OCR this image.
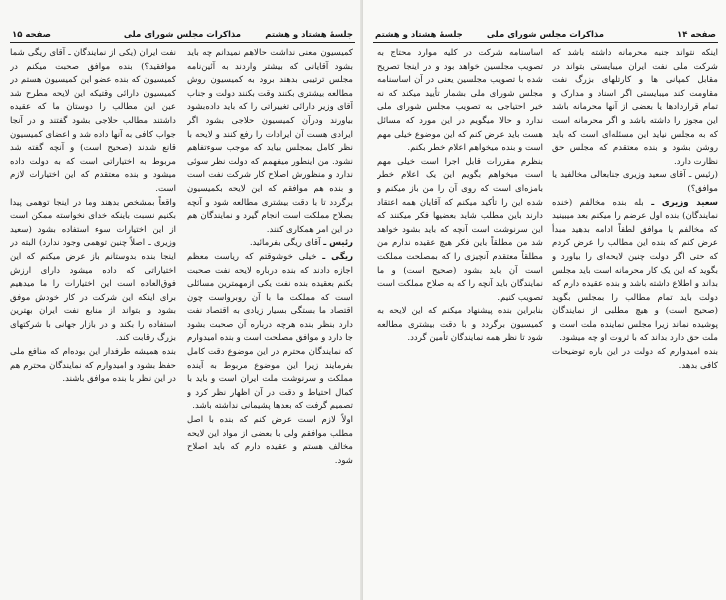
جلسهٔ هشتاد و هشتم
مذاکرات مجلس شورای ملی
صفحه ۱۵

کمیسیون معنی نداشت حالاهم نمیدانم چه باید بشود آقایانی که بیشتر واردند به آئین‌نامه مجلس ترتیبی بدهند برود به کمیسیون روش مطالعه بیشتری بکنند وقت بکنند دولت و جناب آقای وزیر دارائی تغییراتی را که باید داده‌بشود بیاورند ودرآن کمیسیون حلاجی بشود اگر ایرادی هست آن ایرادات را رفع کنند و لایحه با نظر کامل بمجلس بیاید که موجب سوءتفاهم نشود. من اینطور میفهمم که دولت نظر سوئی ندارد و منظورش اصلاح کار شرکت نفت است و بنده هم موافقم که این لایحه بکمیسیون برگردد تا با دقت بیشتری مطالعه شود و آنچه بصلاح مملکت است انجام گیرد و نمایندگان هم در این امر همکاری کنند.

رئیس ـ آقای ریگی بفرمائید.

ریگی ـ خیلی خوشوقتم که ریاست معظم اجازه دادند که بنده درباره لایحه نفت صحبت بکنم بعقیده بنده نفت یکی ازمهمترین مسائلی است که مملکت ما با آن روبرواست چون اقتصاد ما بستگی بسیار زیادی به اقتصاد نفت دارد بنظر بنده هرچه درباره آن صحبت بشود جا دارد و موافق مصلحت است و بنده امیدوارم که نمایندگان محترم در این موضوع دقت کامل بفرمایند زیرا این موضوع مربوط به آینده مملکت و سرنوشت ملت ایران است و باید با کمال احتیاط و دقت در آن اظهار نظر کرد و تصمیم گرفت که بعدها پشیمانی نداشته باشد.

اولاً لازم است عرض کنم که بنده با اصل مطلب موافقم ولی با بعضی از مواد این لایحه مخالف هستم و عقیده دارم که باید اصلاح شود.

نفت ایران (یکی از نمایندگان ـ آقای ریگی شما موافقید؟) بنده موافق صحبت میکنم در کمیسیون که بنده عضو این کمیسیون هستم در کمیسیون دارائی وقتیکه این لایحه مطرح شد عین این مطالب را دوستان ما که عقیده داشتند مطالب حلاجی بشود گفتند و در آنجا جواب کافی به آنها داده شد و اعضای کمیسیون قانع شدند (صحیح است) و آنچه گفته شد مربوط به اختیاراتی است که به دولت داده میشود و بنده معتقدم که این اختیارات لازم است.

واقعاً بمشخص بدهند وما در اینجا توهمی پیدا بکنیم نسبت باینکه خدای نخواسته ممکن است از این اختیارات سوء استفاده بشود (سعید وزیری ـ اصلاً چنین توهمی وجود ندارد) البته در اینجا بنده بدوستانم باز عرض میکنم که این اختیاراتی که داده میشود دارای ارزش فوق‌العاده است این اختیارات را ما میدهیم برای اینکه این شرکت در کار خودش موفق بشود و بتواند از منابع نفت ایران بهترین استفاده را بکند و در بازار جهانی با شرکتهای بزرگ رقابت کند.

بنده همیشه طرفدار این بوده‌ام که منافع ملی حفظ بشود و امیدوارم که نمایندگان محترم هم در این نظر با بنده موافق باشند.

صفحه ۱۴
مذاکرات مجلس شورای ملی
جلسهٔ هشتاد و هشتم

اینکه نتواند جنبه محرمانه داشته باشد که شرکت ملی نفت ایران میبایستی بتواند در مقابل کمپانی ها و کارتلهای بزرگ نفت مقاومت کند میبایستی اگر اسناد و مدارک و تمام قراردادها یا بعضی از آنها محرمانه باشد این مجوز را داشته باشد و اگر محرمانه است که به مجلس نیاید این مسئله‌ای است که باید روشن بشود و بنده معتقدم که مجلس حق نظارت دارد.

(رئیس ـ آقای سعید وزیری جنابعالی مخالفید یا موافق؟)

سعید وزیری ـ بله بنده مخالفم (خنده نمایندگان) بنده اول عرضم را میکنم بعد میبینید که مخالفم یا موافق لطفاً ادامه بدهید مبدأ عرض کنم که بنده این مطالب را عرض کردم که حتی اگر دولت چنین لایحه‌ای را بیاورد و بگوید که این یک کار محرمانه است باید مجلس بداند و اطلاع داشته باشد و بنده عقیده دارم که دولت باید تمام مطالب را بمجلس بگوید (صحیح است) و هیچ مطلبی از نمایندگان پوشیده نماند زیرا مجلس نماینده ملت است و ملت حق دارد بداند که با ثروت او چه میشود.

بنده امیدوارم که دولت در این باره توضیحات کافی بدهد.

اساسنامه شرکت در کلیه موارد محتاج به تصویب مجلسین خواهد بود و در اینجا تصریح شده با تصویب مجلسین یعنی در آن اساسنامه مجلس شورای ملی بشمار تأیید میکند که نه خیر احتیاجی به تصویب مجلس شورای ملی ندارد و حالا میگویم در این مورد که مسائل هست باید عرض کنم که این موضوع خیلی مهم است و بنده میخواهم اعلام خطر بکنم.

بنظرم مقررات قابل اجرا است خیلی مهم است میخواهم بگویم این یک اعلام خطر بامزه‌ای است که روی آن را من باز میکنم و شده این را تأکید میکنم که آقایان همه اعتقاد دارند باین مطلب شاید بعضیها فکر میکنند که این سرنوشت است آنچه که باید بشود خواهد شد من مطلقاً باین فکر هیچ عقیده ندارم من مطلقاً معتقدم آنچیزی را که بمصلحت مملکت است آن باید بشود (صحیح است) و ما نمایندگان باید آنچه را که به صلاح مملکت است تصویب کنیم.

بنابراین بنده پیشنهاد میکنم که این لایحه به کمیسیون برگردد و با دقت بیشتری مطالعه شود تا نظر همه نمایندگان تأمین گردد.
